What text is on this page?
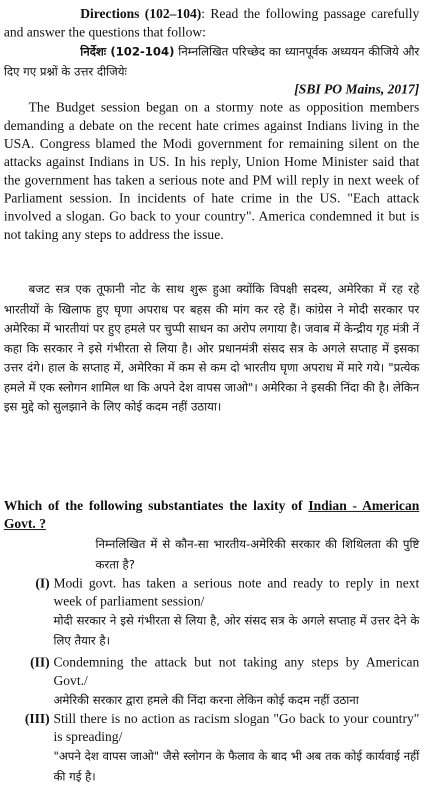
Directions (102–104): Read the following passage carefully and answer the questions that follow:
निर्देशः (102-104) निम्नलिखित परिच्छेद का ध्यानपूर्वक अध्ययन कीजिये और दिए गए प्रश्नों के उत्तर दीजियेः
[SBI PO Mains, 2017]
The Budget session began on a stormy note as opposition members demanding a debate on the recent hate crimes against Indians living in the USA. Congress blamed the Modi government for remaining silent on the attacks against Indians in US. In his reply, Union Home Minister said that the government has taken a serious note and PM will reply in next week of Parliament session. In incidents of hate crime in the US. "Each attack involved a slogan. Go back to your country". America condemned it but is not taking any steps to address the issue.
बजट सत्र एक तूफानी नोट के साथ शुरू हुआ क्योंकि विपक्षी सदस्य, अमेरिका में रह रहे भारतीयों के खिलाफ हुए घृणा अपराध पर बहस की मांग कर रहे हैं। कांग्रेस ने मोदी सरकार पर अमेरिका में भारतीयां पर हुए हमले पर चुप्पी साधन का अरोप लगाया है। जवाब में केन्द्रीय गृह मंत्री नें कहा कि सरकार ने इसे गंभीरता से लिया है। ओर प्रधानमंत्री संसद सत्र के अगले सप्ताह में इसका उत्तर दंगे। हाल के सप्ताह में, अमेरिका में कम से कम दो भारतीय घृणा अपराध में मारे गये। "प्रत्येक हमले में एक स्लोगन शामिल था कि अपने देश वापस जाओ"। अमेरिका ने इसकी निंदा की है। लेकिन इस मुद्दे को सुलझाने के लिए कोई कदम नहीं उठाया।
Which of the following substantiates the laxity of Indian - American Govt. ?
निम्नलिखित में से कौन-सा भारतीय-अमेरिकी सरकार की शिथिलता की पुष्टि करता है?
(I) Modi govt. has taken a serious note and ready to reply in next week of parliament session/
मोदी सरकार ने इसे गंभीरता से लिया है, ओर संसद सत्र के अगले सप्ताह में उत्तर देने के लिए तैयार है।
(II) Condemning the attack but not taking any steps by American Govt./
अमेरिकी सरकार द्वारा हमले की निंदा करना लेकिन कोई कदम नहीं उठाना
(III) Still there is no action as racism slogan "Go back to your country" is spreading/
"अपने देश वापस जाओ" जैसे स्लोगन के फैलाव के बाद भी अब तक कोई कार्यवाई नहीं की गई है।
